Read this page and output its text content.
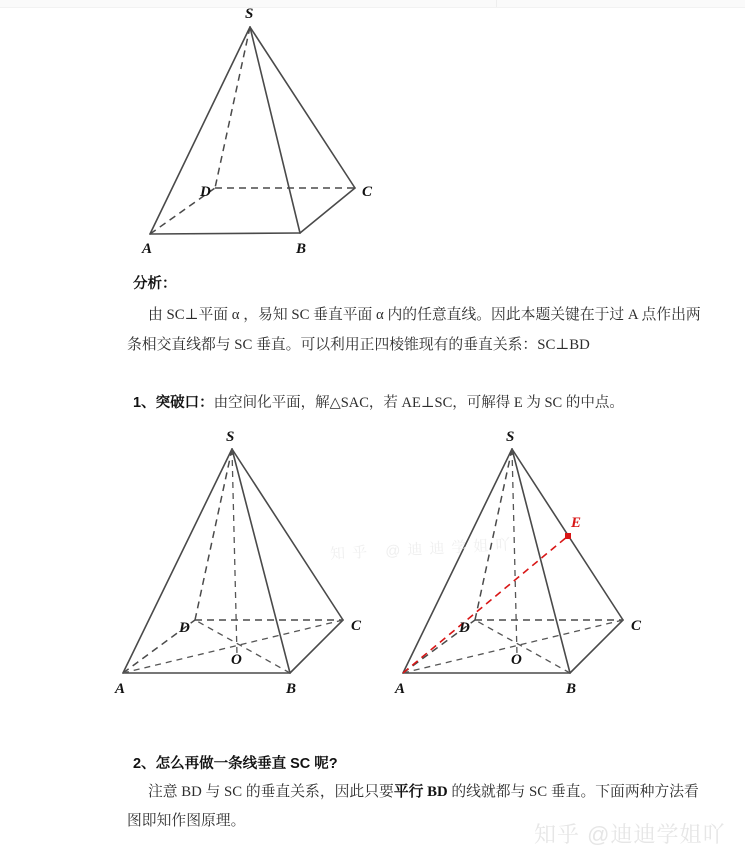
S
A	B
C
D
分析：
由 SC⊥平面 α ，易知 SC 垂直平面 α 内的任意直线。因此本题关键在于过 A 点作出两
条相交直线都与 SC 垂直。可以利用正四棱锥现有的垂直关系：SC⊥BD
1、突破口：由空间化平面，解△SAC，若 AE⊥SC，可解得 E 为 SC 的中点。
S
A	B
C
D
O
S
A	B
C
D
O
E
知乎 @迪迪学姐吖
2、怎么再做一条线垂直 SC 呢?
注意 BD 与 SC 的垂直关系，因此只要平行 BD 的线就都与 SC 垂直。下面两种方法看
图即知作图原理。
知乎 @迪迪学姐吖
